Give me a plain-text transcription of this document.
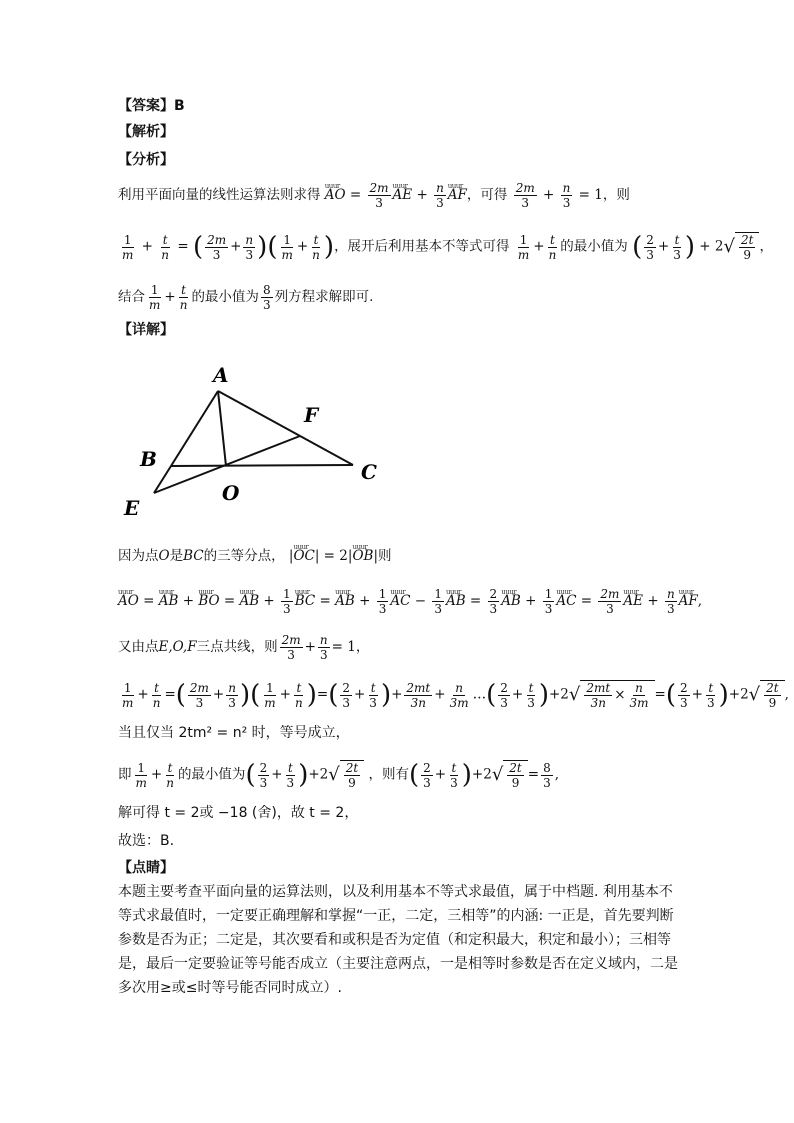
【答案】B
【解析】
【分析】
利用平面向量的线性运算法则求得 uuur AO = $\frac{2m}{3}$ uuur AE + $\frac{n}{3}$ uuur AF，可得 $\frac{2m}{3} + \frac{n}{3} = 1$，则
$\frac{1}{m} + \frac{t}{n}$ = ( $\frac{2m}{3} + \frac{n}{3}$ )( $\frac{1}{m} + \frac{t}{n}$ )，展开后利用基本不等式可得 $\frac{1}{m} + \frac{t}{n}$ 的最小值为 ( $\frac{2}{3} + \frac{t}{3}$ ) + $2√ \frac{2t}{9}$ ，
结合 $\frac{1}{m} + \frac{t}{n}$ 的最小值为 $\frac{8}{3}$ 列方程求解即可.
【详解】
A
F
B
C
O
E
因为点O是BC的三等分点， |uuur OC| = 2|uuur OB|则
uuur AO = uuur AB + uuur BO = uuur AB + $\frac{1}{3}$ uuur BC = uuur AB + $\frac{1}{3}$ uuur AC − $\frac{1}{3}$ uuur AB = $\frac{2}{3}$ uuur AB + $\frac{1}{3}$ uuur AC = $\frac{2m}{3}$ uuur AE + $\frac{n}{3}$ uuur AF,
又由点E,O,F三点共线，则 $\frac{2m}{3} + \frac{n}{3} = 1$，
$\frac{1}{m} + \frac{t}{n}$ =( $\frac{2m}{3} + \frac{n}{3}$ )( $\frac{1}{m} + \frac{t}{n}$ )=( $\frac{2}{3} + \frac{t}{3}$ )+ $\frac{2mt}{3n} + \frac{n}{3m}$ …( $\frac{2}{3} + \frac{t}{3} )+2√ \frac{2mt}{3n} \times \frac{n}{3m}$ =( $\frac{2}{3} + \frac{t}{3} )+2√ \frac{2t}{9}$ ,
当且仅当 2tm² = n² 时，等号成立，
即 $\frac{1}{m} + \frac{t}{n}$ 的最小值为( $\frac{2}{3} + \frac{t}{3} )+2√ \frac{2t}{9}$ ，则有( $\frac{2}{3} + \frac{t}{3} )+2√ \frac{2t}{9} = \frac{8}{3}$ ,
解可得 t = 2或 −18 (舍)，故 t = 2，
故选：B.
【点睛】
本题主要考查平面向量的运算法则，以及利用基本不等式求最值，属于中档题. 利用基本不等式求最值时，一定要正确理解和掌握“一正，二定，三相等”的内涵: 一正是，首先要判断参数是否为正；二定是，其次要看和或积是否为定值（和定积最大，积定和最小）；三相等是，最后一定要验证等号能否成立（主要注意两点，一是相等时参数是否在定义域内，二是多次用≥或≤时等号能否同时成立）.
